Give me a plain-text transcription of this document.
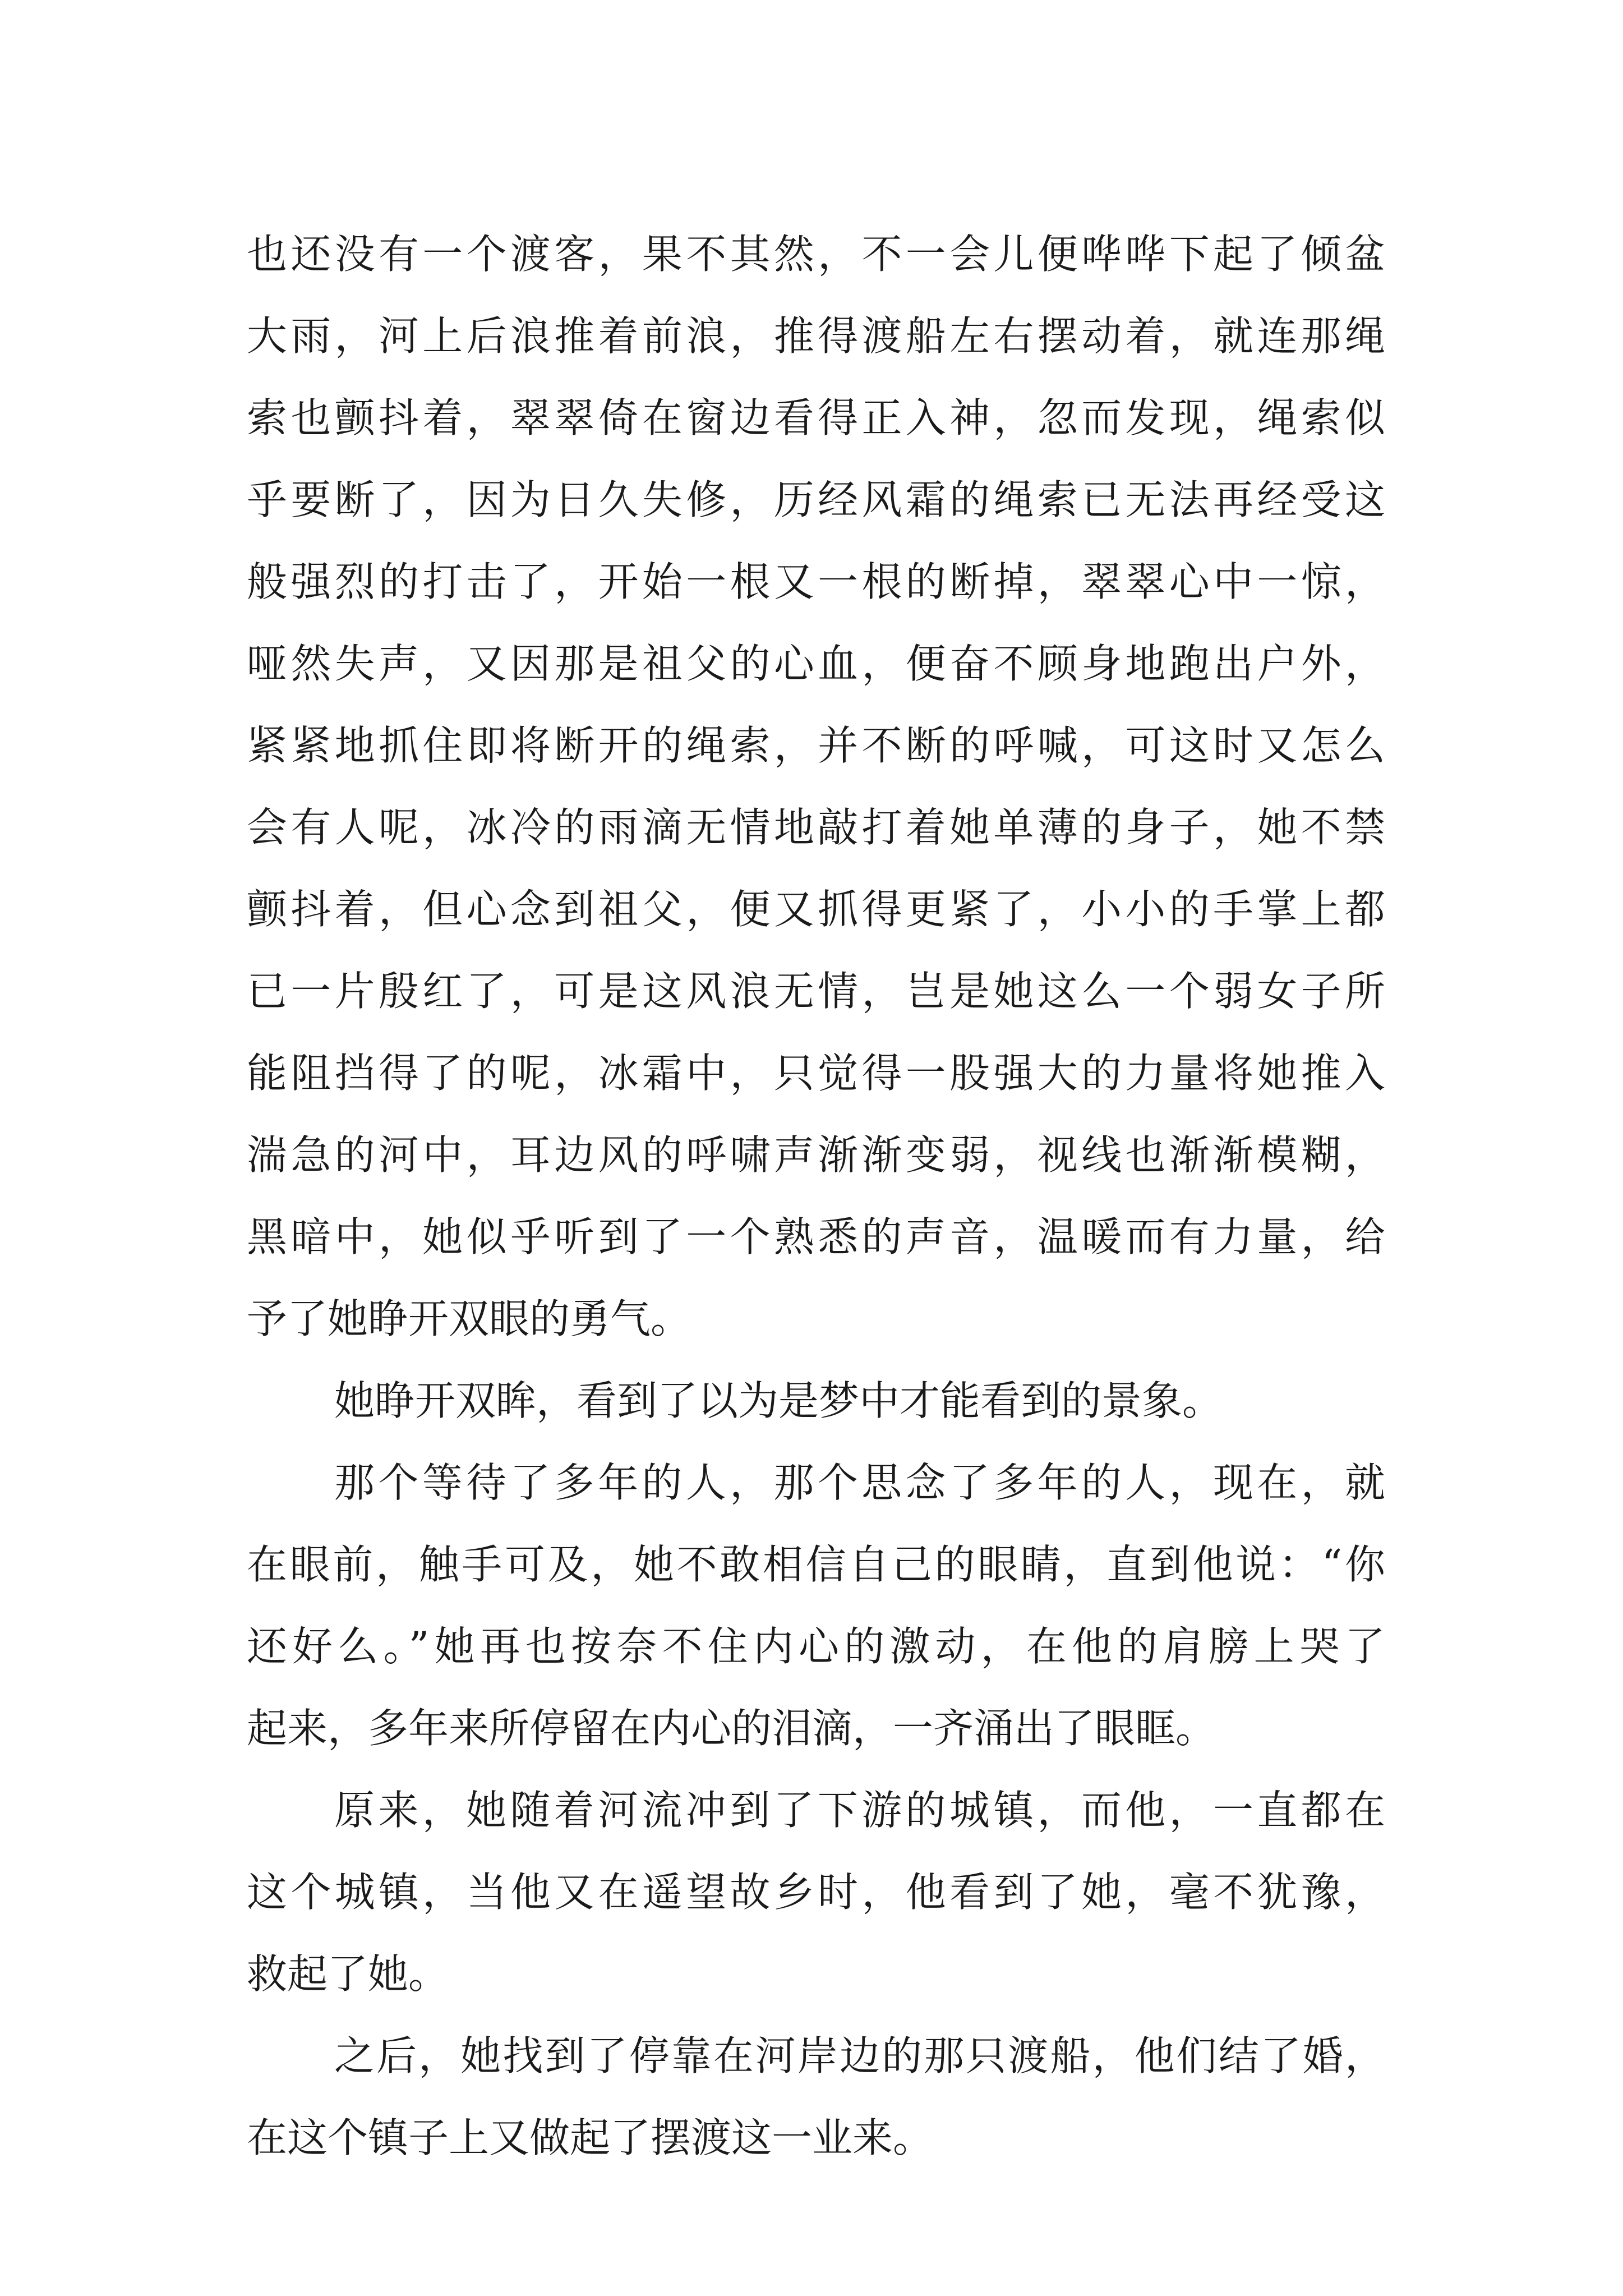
也还没有一个渡客，果不其然，不一会儿便哗哗下起了倾盆
大雨，河上后浪推着前浪，推得渡船左右摆动着，就连那绳
索也颤抖着，翠翠倚在窗边看得正入神，忽而发现，绳索似
乎要断了，因为日久失修，历经风霜的绳索已无法再经受这
般强烈的打击了，开始一根又一根的断掉，翠翠心中一惊，
哑然失声，又因那是祖父的心血，便奋不顾身地跑出户外，
紧紧地抓住即将断开的绳索，并不断的呼喊，可这时又怎么
会有人呢，冰冷的雨滴无情地敲打着她单薄的身子，她不禁
颤抖着，但心念到祖父，便又抓得更紧了，小小的手掌上都
已一片殷红了，可是这风浪无情，岂是她这么一个弱女子所
能阻挡得了的呢，冰霜中，只觉得一股强大的力量将她推入
湍急的河中，耳边风的呼啸声渐渐变弱，视线也渐渐模糊，
黑暗中，她似乎听到了一个熟悉的声音，温暖而有力量，给
予了她睁开双眼的勇气。
她睁开双眸，看到了以为是梦中才能看到的景象。
那个等待了多年的人，那个思念了多年的人，现在，就
在眼前，触手可及，她不敢相信自己的眼睛，直到他说：“你
还好么。”她再也按奈不住内心的激动，在他的肩膀上哭了
起来，多年来所停留在内心的泪滴，一齐涌出了眼眶。
原来，她随着河流冲到了下游的城镇，而他，一直都在
这个城镇，当他又在遥望故乡时，他看到了她，毫不犹豫，
救起了她。
之后，她找到了停靠在河岸边的那只渡船，他们结了婚，
在这个镇子上又做起了摆渡这一业来。
